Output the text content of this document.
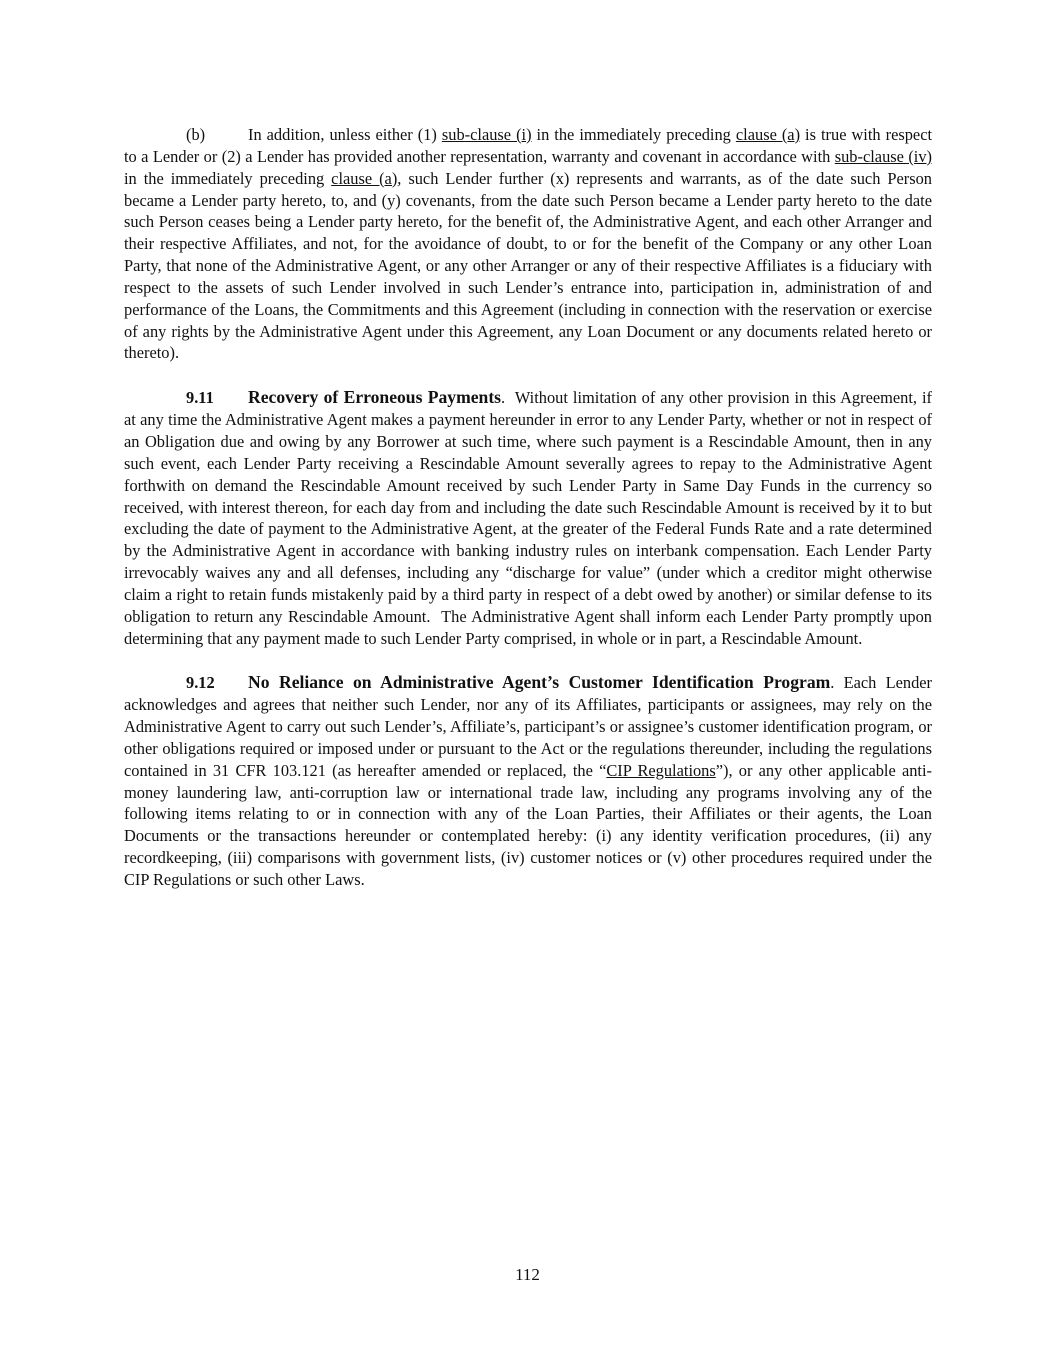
(b)	In addition, unless either (1) sub-clause (i) in the immediately preceding clause (a) is true with respect to a Lender or (2) a Lender has provided another representation, warranty and covenant in accordance with sub-clause (iv) in the immediately preceding clause (a), such Lender further (x) represents and warrants, as of the date such Person became a Lender party hereto, to, and (y) covenants, from the date such Person became a Lender party hereto to the date such Person ceases being a Lender party hereto, for the benefit of, the Administrative Agent, and each other Arranger and their respective Affiliates, and not, for the avoidance of doubt, to or for the benefit of the Company or any other Loan Party, that none of the Administrative Agent, or any other Arranger or any of their respective Affiliates is a fiduciary with respect to the assets of such Lender involved in such Lender’s entrance into, participation in, administration of and performance of the Loans, the Commitments and this Agreement (including in connection with the reservation or exercise of any rights by the Administrative Agent under this Agreement, any Loan Document or any documents related hereto or thereto).

9.11 Recovery of Erroneous Payments.  Without limitation of any other provision in this Agreement, if at any time the Administrative Agent makes a payment hereunder in error to any Lender Party, whether or not in respect of an Obligation due and owing by any Borrower at such time, where such payment is a Rescindable Amount, then in any such event, each Lender Party receiving a Rescindable Amount severally agrees to repay to the Administrative Agent forthwith on demand the Rescindable Amount received by such Lender Party in Same Day Funds in the currency so received, with interest thereon, for each day from and including the date such Rescindable Amount is received by it to but excluding the date of payment to the Administrative Agent, at the greater of the Federal Funds Rate and a rate determined by the Administrative Agent in accordance with banking industry rules on interbank compensation. Each Lender Party irrevocably waives any and all defenses, including any “discharge for value” (under which a creditor might otherwise claim a right to retain funds mistakenly paid by a third party in respect of a debt owed by another) or similar defense to its obligation to return any Rescindable Amount.  The Administrative Agent shall inform each Lender Party promptly upon determining that any payment made to such Lender Party comprised, in whole or in part, a Rescindable Amount.

9.12 No Reliance on Administrative Agent’s Customer Identification Program. Each Lender acknowledges and agrees that neither such Lender, nor any of its Affiliates, participants or assignees, may rely on the Administrative Agent to carry out such Lender’s, Affiliate’s, participant’s or assignee’s customer identification program, or other obligations required or imposed under or pursuant to the Act or the regulations thereunder, including the regulations contained in 31 CFR 103.121 (as hereafter amended or replaced, the “CIP Regulations”), or any other applicable anti-money laundering law, anti-corruption law or international trade law, including any programs involving any of the following items relating to or in connection with any of the Loan Parties, their Affiliates or their agents, the Loan Documents or the transactions hereunder or contemplated hereby: (i) any identity verification procedures, (ii) any recordkeeping, (iii) comparisons with government lists, (iv) customer notices or (v) other procedures required under the CIP Regulations or such other Laws.

112
